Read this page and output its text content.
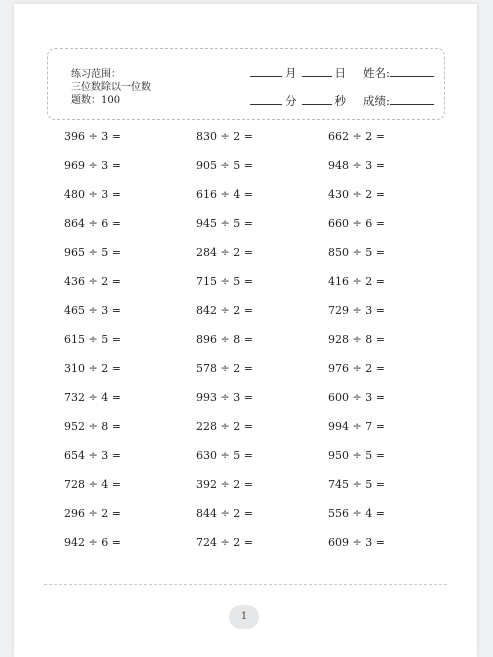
练习范围：
三位数除以一位数
题数：100
月	日 姓名:
分	秒 成绩:
396 ÷ 3 =	830 ÷ 2 =	662 ÷ 2 =
969 ÷ 3 =	905 ÷ 5 =	948 ÷ 3 =
480 ÷ 3 =	616 ÷ 4 =	430 ÷ 2 =
864 ÷ 6 =	945 ÷ 5 =	660 ÷ 6 =
965 ÷ 5 =	284 ÷ 2 =	850 ÷ 5 =
436 ÷ 2 =	715 ÷ 5 =	416 ÷ 2 =
465 ÷ 3 =	842 ÷ 2 =	729 ÷ 3 =
615 ÷ 5 =	896 ÷ 8 =	928 ÷ 8 =
310 ÷ 2 =	578 ÷ 2 =	976 ÷ 2 =
732 ÷ 4 =	993 ÷ 3 =	600 ÷ 3 =
952 ÷ 8 =	228 ÷ 2 =	994 ÷ 7 =
654 ÷ 3 =	630 ÷ 5 =	950 ÷ 5 =
728 ÷ 4 =	392 ÷ 2 =	745 ÷ 5 =
296 ÷ 2 =	844 ÷ 2 =	556 ÷ 4 =
942 ÷ 6 =	724 ÷ 2 =	609 ÷ 3 =
1
